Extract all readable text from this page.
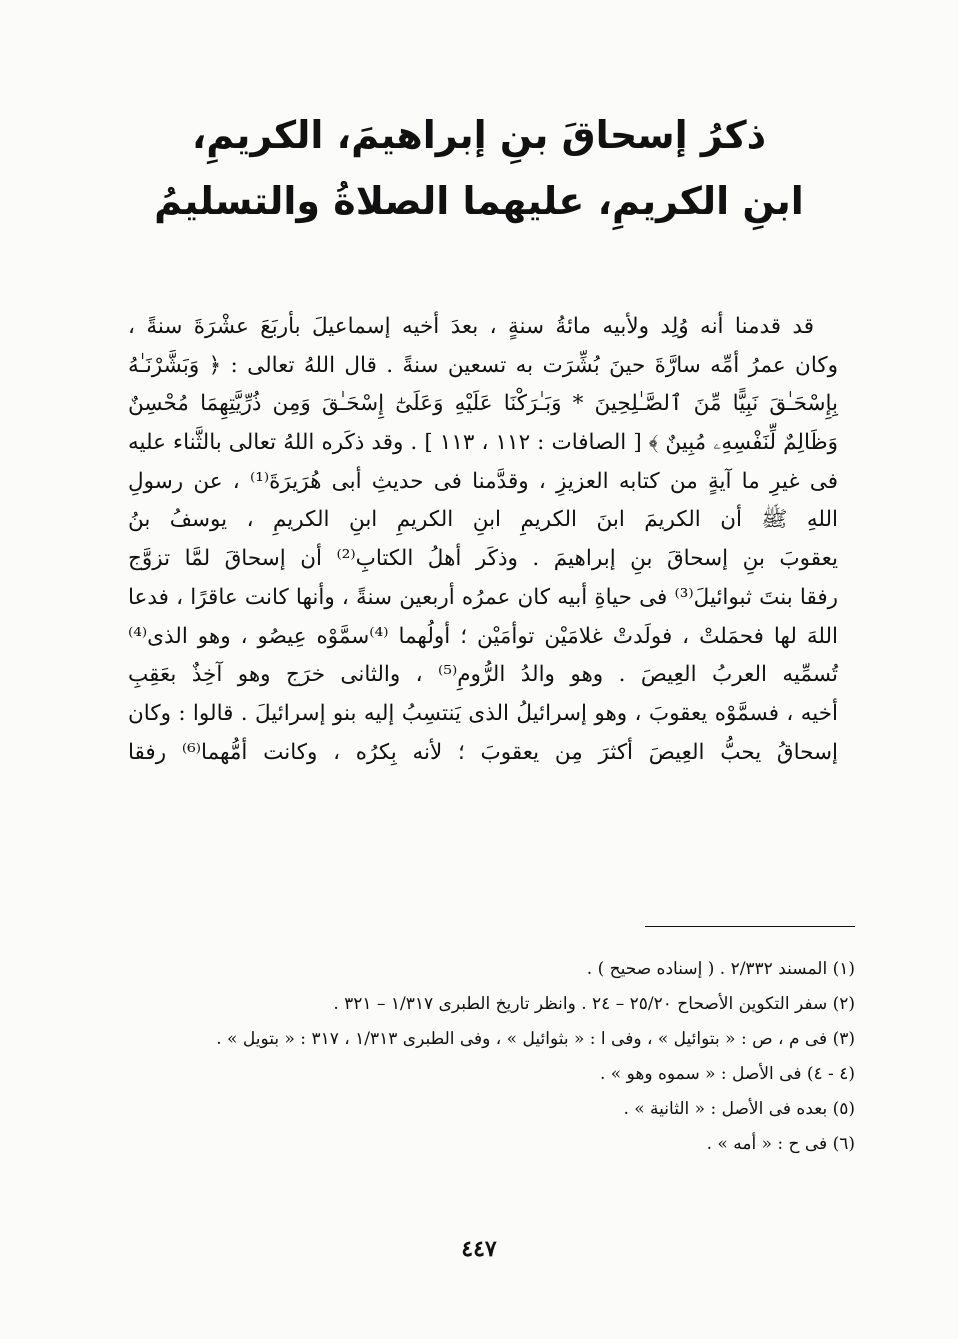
ذكرُ إسحاقَ بنِ إبراهيمَ، الكريمِ،
ابنِ الكريمِ، عليهما الصلاةُ والتسليمُ
قد قدمنا أنه وُلِد ولأبيه مائةُ سنةٍ ، بعدَ أخيه إسماعيلَ بأربَعَ عشْرَةَ سنةً ،
وكان عمرُ أمِّه سارَّةَ حينَ بُشِّرَت به تسعين سنةً . قال اللهُ تعالى : ﴿ وَبَشَّرْنَـٰهُ
بِإِسْحَـٰقَ نَبِيًّا مِّنَ ٱلصَّـٰلِحِينَ * وَبَـٰرَكْنَا عَلَيْهِ وَعَلَىٰٓ إِسْحَـٰقَ وَمِن ذُرِّيَّتِهِمَا مُحْسِنٌ
وَظَالِمٌ لِّنَفْسِهِۦ مُبِينٌ ﴾ [ الصافات : ١١٢ ، ١١٣ ] . وقد ذكَره اللهُ تعالى بالثَّناء عليه
فى غيرِ ما آيةٍ من كتابه العزيزِ ، وقدَّمنا فى حديثِ أبى هُرَيرَةَ⁽¹⁾ ، عن رسولِ
اللهِ ﷺ أن الكريمَ ابنَ الكريمِ ابنِ الكريمِ ابنِ الكريمِ ، يوسفُ بنُ
يعقوبَ بنِ إسحاقَ بنِ إبراهيمَ . وذكَر أهلُ الكتابِ⁽²⁾ أن إسحاقَ لمَّا تزوَّج
رفقا بنتَ ثبوائيلَ⁽³⁾ فى حياةِ أبيه كان عمرُه أربعين سنةً ، وأنها كانت عاقرًا ، فدعا
اللهَ لها فحمَلتْ ، فولَدتْ غلامَيْن توأمَيْن ؛ أولُهما ⁽⁴⁾سمَّوْه عِيصُو ، وهو الذى⁽⁴⁾
تُسمِّيه العربُ العِيصَ . وهو والدُ الرُّومِ⁽⁵⁾ ، والثانى خرَج وهو آخِذٌ بعَقِبِ
أخيه ، فسمَّوْه يعقوبَ ، وهو إسرائيلُ الذى يَنتسِبُ إليه بنو إسرائيلَ . قالوا : وكان
إسحاقُ يحبُّ العِيصَ أكثرَ مِن يعقوبَ ؛ لأنه بِكرُه ، وكانت أمُّهما⁽⁶⁾ رفقا
(١) المسند ٢/٣٣٢ . ( إسناده صحيح ) .
(٢) سفر التكوين الأصحاح ٢٥/٢٠ – ٢٤ . وانظر تاريخ الطبرى ١/٣١٧ – ٣٢١ .
(٣) فى م ، ص : « بتوائيل » ، وفى ا : « بثوائيل » ، وفى الطبرى ١/٣١٣ ، ٣١٧ : « بتويل » .
(٤ - ٤) فى الأصل : « سموه وهو » .
(٥) بعده فى الأصل : « الثانية » .
(٦) فى ح : « أمه » .
٤٤٧
